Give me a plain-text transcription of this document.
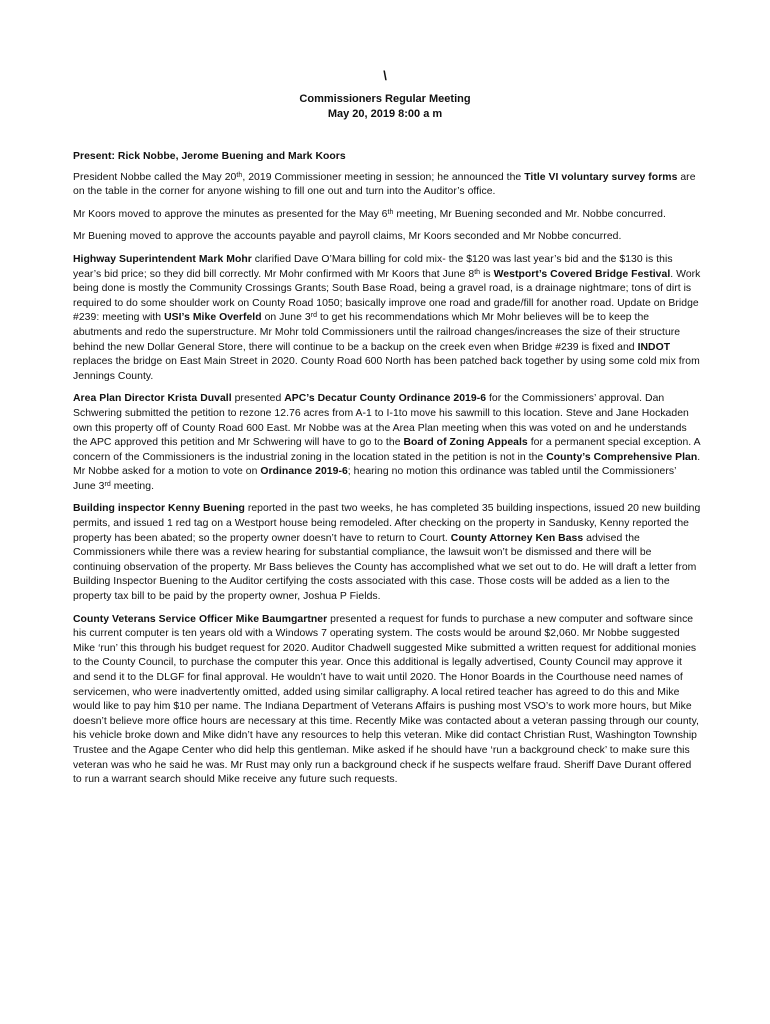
\
Commissioners Regular Meeting
May 20, 2019 8:00 a m

Present: Rick Nobbe, Jerome Buening and Mark Koors

President Nobbe called the May 20th, 2019 Commissioner meeting in session; he announced the Title VI voluntary survey forms are on the table in the corner for anyone wishing to fill one out and turn into the Auditor’s office.

Mr Koors moved to approve the minutes as presented for the May 6th meeting, Mr Buening seconded and Mr. Nobbe concurred.

Mr Buening moved to approve the accounts payable and payroll claims, Mr Koors seconded and Mr Nobbe concurred.

Highway Superintendent Mark Mohr clarified Dave O’Mara billing for cold mix- the $120 was last year’s bid and the $130 is this year’s bid price; so they did bill correctly. Mr Mohr confirmed with Mr Koors that June 8th is Westport’s Covered Bridge Festival. Work being done is mostly the Community Crossings Grants; South Base Road, being a gravel road, is a drainage nightmare; tons of dirt is required to do some shoulder work on County Road 1050; basically improve one road and grade/fill for another road. Update on Bridge #239: meeting with USI’s Mike Overfeld on June 3rd to get his recommendations which Mr Mohr believes will be to keep the abutments and redo the superstructure. Mr Mohr told Commissioners until the railroad changes/increases the size of their structure behind the new Dollar General Store, there will continue to be a backup on the creek even when Bridge #239 is fixed and INDOT replaces the bridge on East Main Street in 2020. County Road 600 North has been patched back together by using some cold mix from Jennings County.

Area Plan Director Krista Duvall presented APC’s Decatur County Ordinance 2019-6 for the Commissioners’ approval. Dan Schwering submitted the petition to rezone 12.76 acres from A-1 to I-1to move his sawmill to this location. Steve and Jane Hockaden own this property off of County Road 600 East. Mr Nobbe was at the Area Plan meeting when this was voted on and he understands the APC approved this petition and Mr Schwering will have to go to the Board of Zoning Appeals for a permanent special exception. A concern of the Commissioners is the industrial zoning in the location stated in the petition is not in the County’s Comprehensive Plan. Mr Nobbe asked for a motion to vote on Ordinance 2019-6; hearing no motion this ordinance was tabled until the Commissioners’ June 3rd meeting.

Building inspector Kenny Buening reported in the past two weeks, he has completed 35 building inspections, issued 20 new building permits, and issued 1 red tag on a Westport house being remodeled. After checking on the property in Sandusky, Kenny reported the property has been abated; so the property owner doesn’t have to return to Court. County Attorney Ken Bass advised the Commissioners while there was a review hearing for substantial compliance, the lawsuit won’t be dismissed and there will be continuing observation of the property. Mr Bass believes the County has accomplished what we set out to do. He will draft a letter from Building Inspector Buening to the Auditor certifying the costs associated with this case. Those costs will be added as a lien to the property tax bill to be paid by the property owner, Joshua P Fields.

County Veterans Service Officer Mike Baumgartner presented a request for funds to purchase a new computer and software since his current computer is ten years old with a Windows 7 operating system. The costs would be around $2,060. Mr Nobbe suggested Mike ‘run’ this through his budget request for 2020. Auditor Chadwell suggested Mike submitted a written request for additional monies to the County Council, to purchase the computer this year. Once this additional is legally advertised, County Council may approve it and send it to the DLGF for final approval. He wouldn’t have to wait until 2020. The Honor Boards in the Courthouse need names of servicemen, who were inadvertently omitted, added using similar calligraphy. A local retired teacher has agreed to do this and Mike would like to pay him $10 per name. The Indiana Department of Veterans Affairs is pushing most VSO’s to work more hours, but Mike doesn’t believe more office hours are necessary at this time. Recently Mike was contacted about a veteran passing through our county, his vehicle broke down and Mike didn’t have any resources to help this veteran. Mike did contact Christian Rust, Washington Township Trustee and the Agape Center who did help this gentleman. Mike asked if he should have ‘run a background check’ to make sure this veteran was who he said he was. Mr Rust may only run a background check if he suspects welfare fraud. Sheriff Dave Durant offered to run a warrant search should Mike receive any future such requests.
